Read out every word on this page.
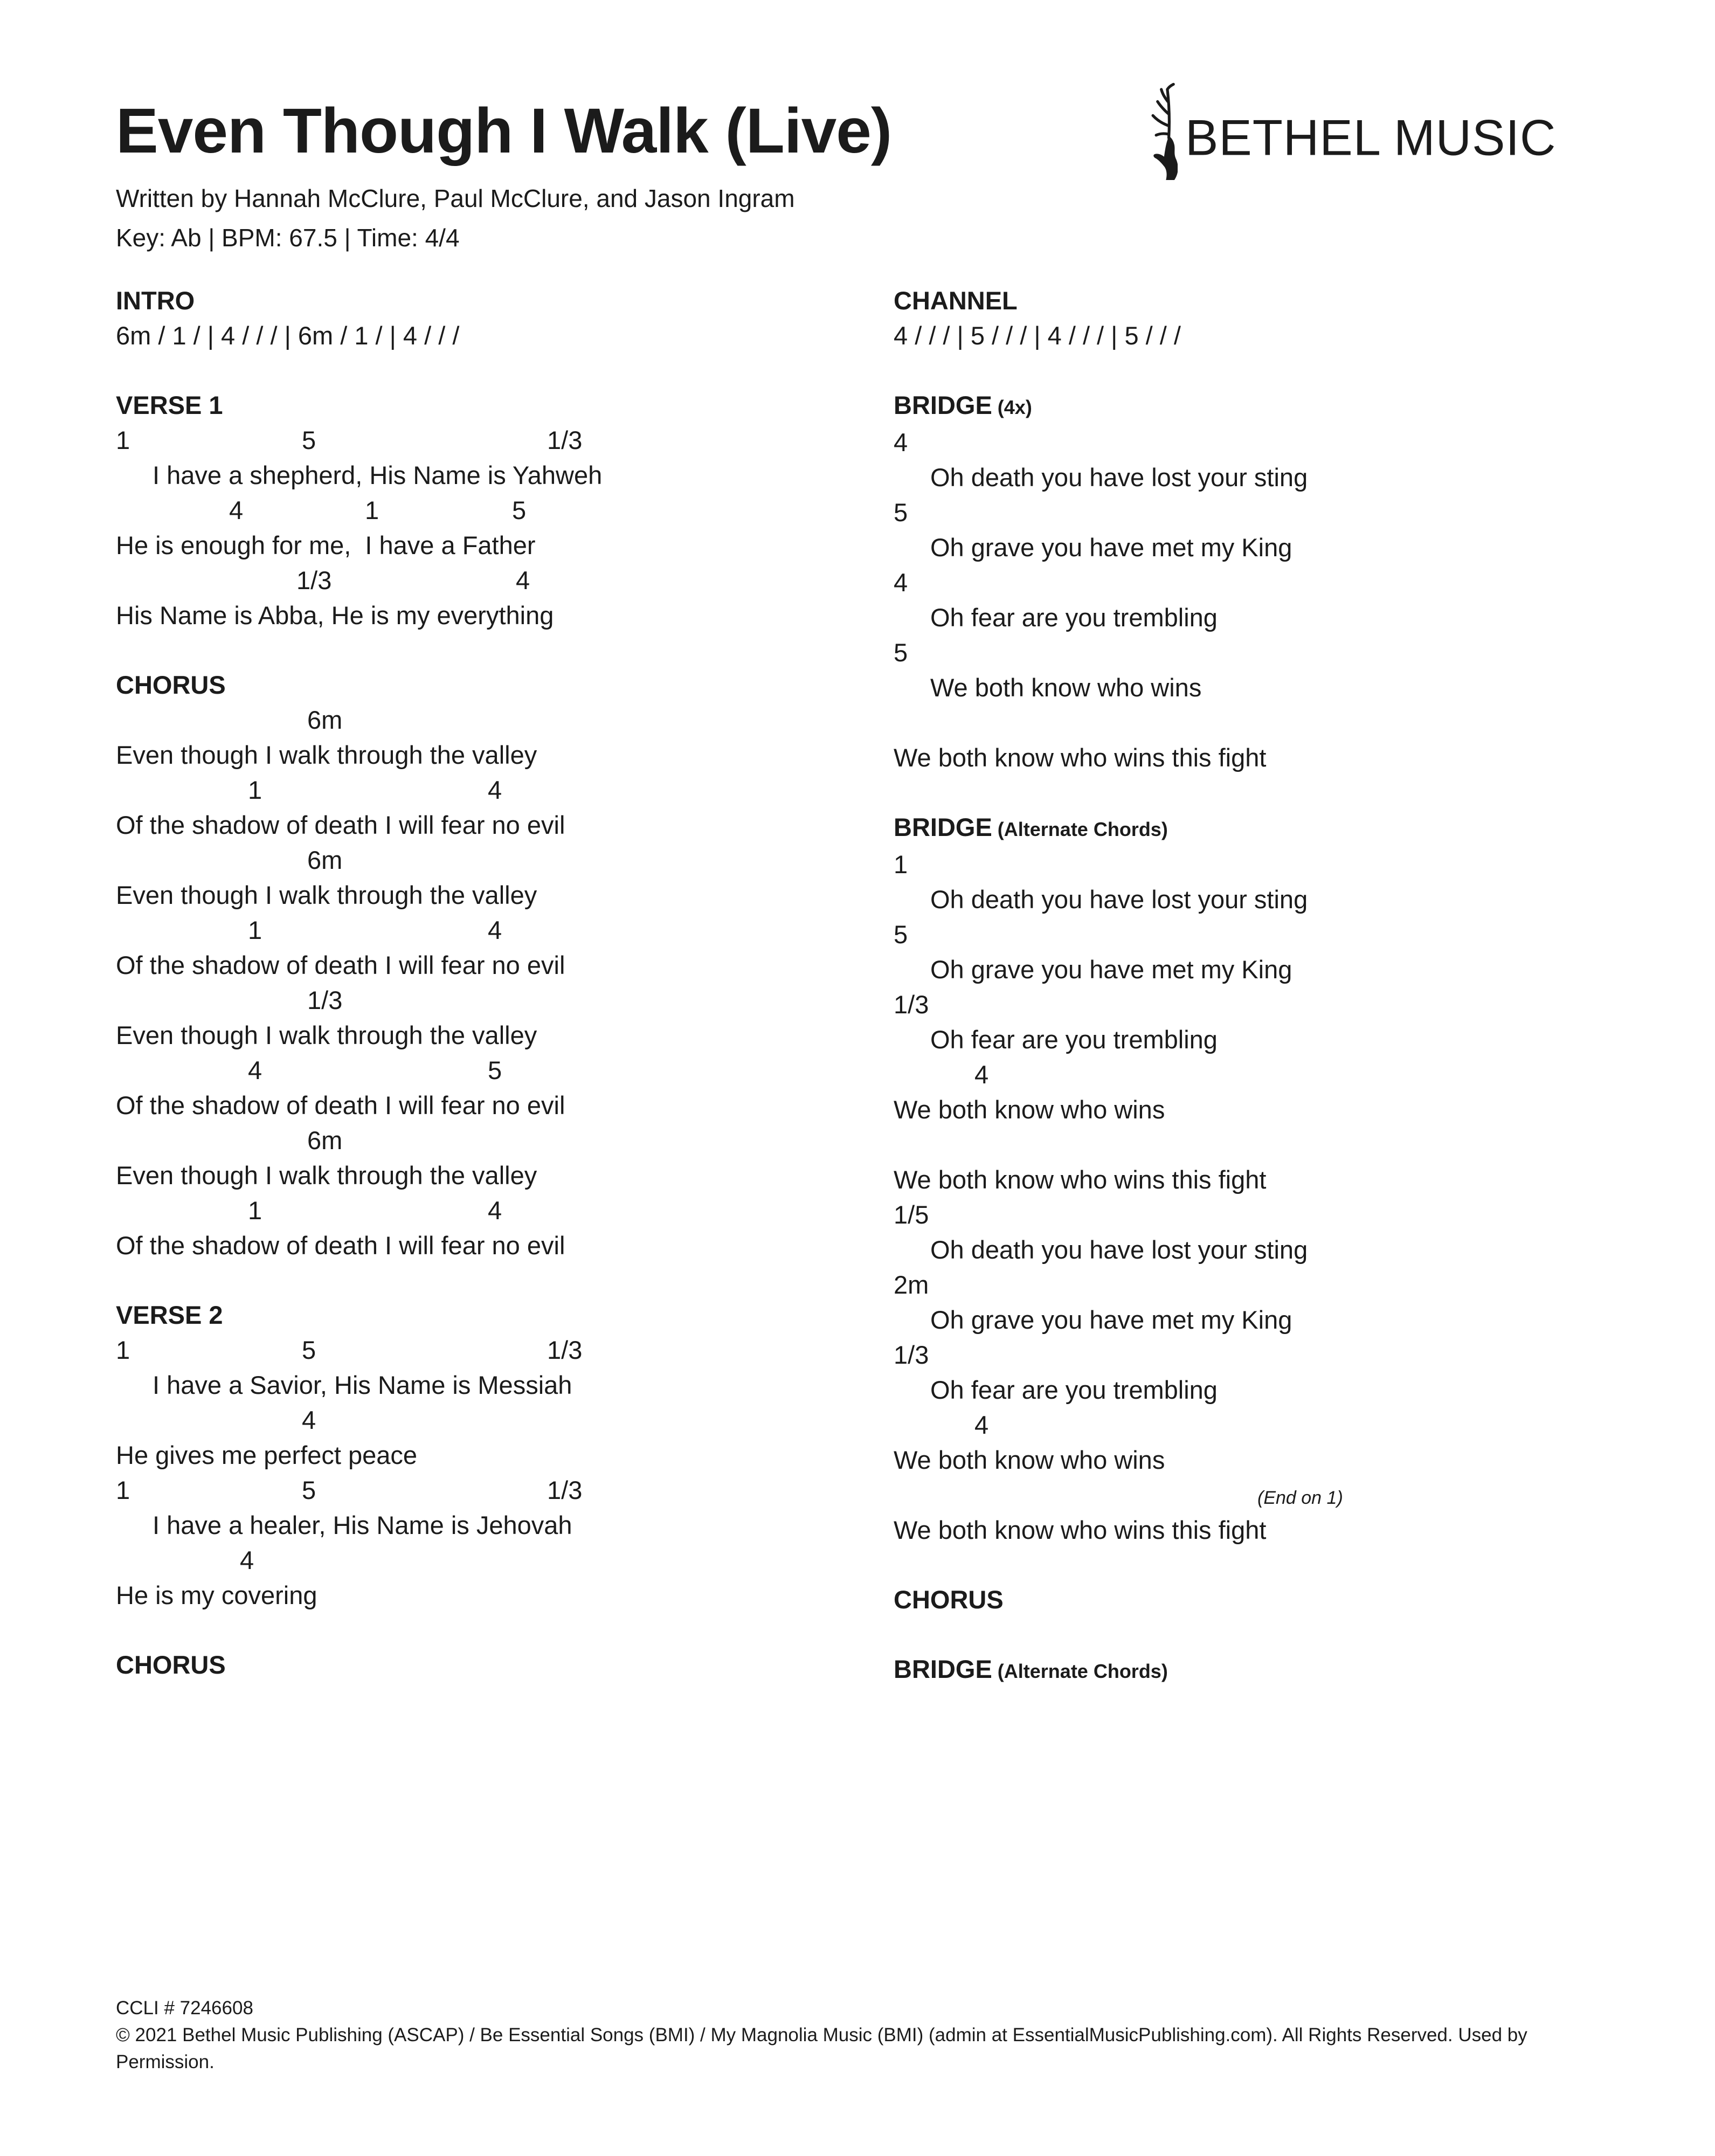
Even Though I Walk (Live)
Written by Hannah McClure, Paul McClure, and Jason Ingram
Key: Ab | BPM: 67.5 | Time: 4/4
BETHEL MUSIC
INTRO
6m / 1 / | 4 / / / | 6m / 1 / | 4 / / /
VERSE 1
1	5	1/3
I have a shepherd, His Name is Yahweh
4	1	5
He is enough for me,  I have a Father
1/3	4
His Name is Abba, He is my everything
CHORUS
6m
Even though I walk through the valley
1	4
Of the shadow of death I will fear no evil
6m
Even though I walk through the valley
1	4
Of the shadow of death I will fear no evil
1/3
Even though I walk through the valley
4	5
Of the shadow of death I will fear no evil
6m
Even though I walk through the valley
1	4
Of the shadow of death I will fear no evil
VERSE 2
1	5	1/3
I have a Savior, His Name is Messiah
4
He gives me perfect peace
1	5	1/3
I have a healer, His Name is Jehovah
4
He is my covering
CHORUS
CHANNEL
4 / / / | 5 / / / | 4 / / / | 5 / / /
BRIDGE (4x)
4
Oh death you have lost your sting
5
Oh grave you have met my King
4
Oh fear are you trembling
5
We both know who wins
We both know who wins this fight
BRIDGE (Alternate Chords)
1
Oh death you have lost your sting
5
Oh grave you have met my King
1/3
Oh fear are you trembling
4
We both know who wins
We both know who wins this fight
1/5
Oh death you have lost your sting
2m
Oh grave you have met my King
1/3
Oh fear are you trembling
4
We both know who wins
(End on 1)
We both know who wins this fight
CHORUS
BRIDGE (Alternate Chords)
CCLI # 7246608
© 2021 Bethel Music Publishing (ASCAP) / Be Essential Songs (BMI) / My Magnolia Music (BMI) (admin at EssentialMusicPublishing.com). All Rights Reserved. Used by
Permission.
